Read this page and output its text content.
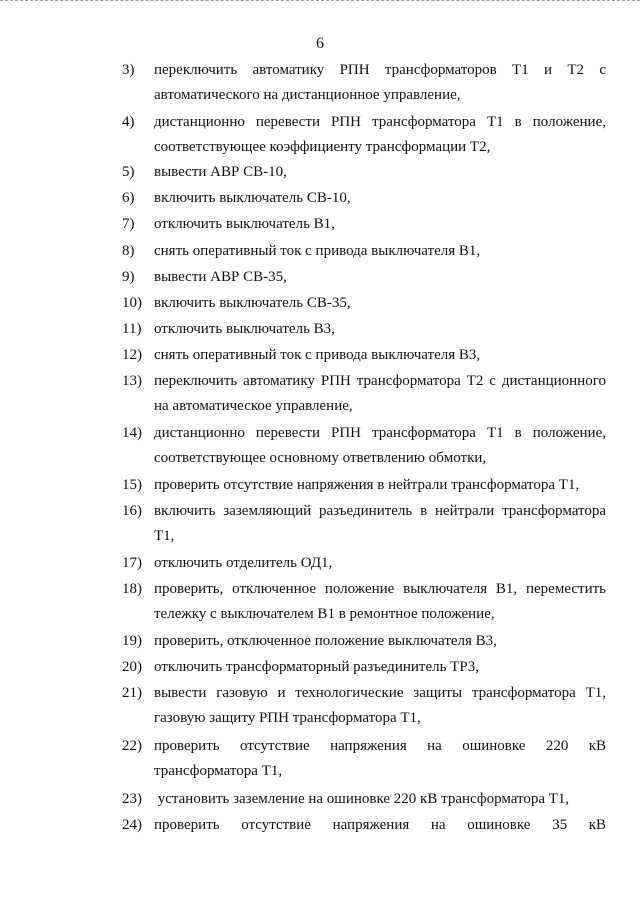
6
3) переключить автоматику РПН трансформаторов Т1 и Т2 с
автоматического на дистанционное управление,
4) дистанционно перевести РПН трансформатора Т1 в положение,
соответствующее коэффициенту трансформации Т2,
5) вывести АВР СВ-10,
6) включить выключатель СВ-10,
7) отключить выключатель В1,
8) снять оперативный ток с привода выключателя В1,
9) вывести АВР СВ-35,
10) включить выключатель СВ-35,
11) отключить выключатель В3,
12) снять оперативный ток с привода выключателя В3,
13) переключить автоматику РПН трансформатора Т2 с дистанционного
на автоматическое управление,
14) дистанционно перевести РПН трансформатора Т1 в положение,
соответствующее основному ответвлению обмотки,
15) проверить отсутствие напряжения в нейтрали трансформатора Т1,
16) включить заземляющий разъединитель в нейтрали трансформатора
Т1,
17) отключить отделитель ОД1,
18) проверить, отключенное положение выключателя В1, переместить
тележку с выключателем В1 в ремонтное положение,
19) проверить, отключенное положение выключателя В3,
20) отключить трансформаторный разъединитель ТР3,
21) вывести газовую и технологические защиты трансформатора Т1,
газовую защиту РПН трансформатора Т1,
22) проверить отсутствие напряжения на ошиновке 220 кВ
трансформатора Т1,
23) установить заземление на ошиновке 220 кВ трансформатора Т1,
24) проверить отсутствие напряжения на ошиновке 35 кВ
